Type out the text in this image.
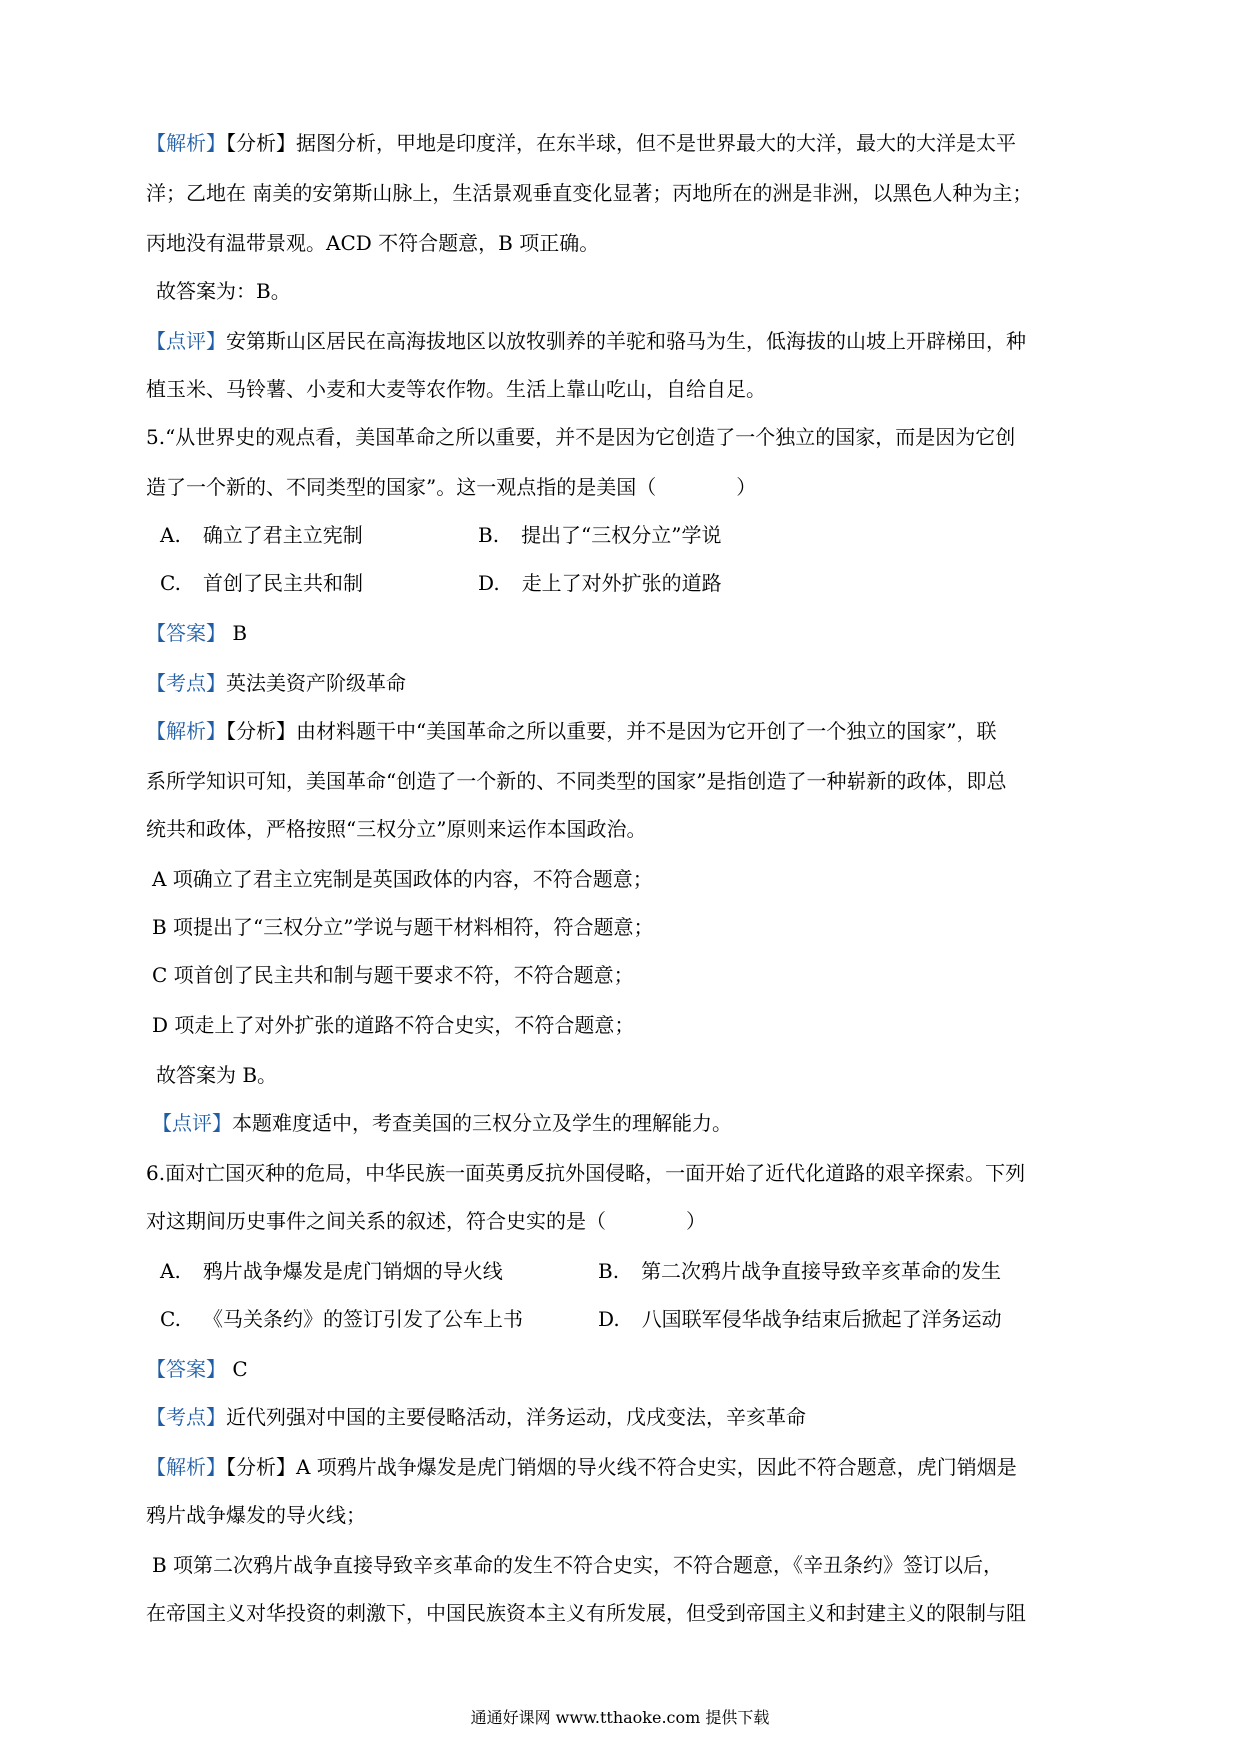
【解析】【分析】据图分析，甲地是印度洋，在东半球，但不是世界最大的大洋，最大的大洋是太平
洋；乙地在 南美的安第斯山脉上，生活景观垂直变化显著；丙地所在的洲是非洲，以黑色人种为主；
丙地没有温带景观。ACD 不符合题意，B 项正确。
故答案为：B。
【点评】安第斯山区居民在高海拔地区以放牧驯养的羊驼和骆马为生，低海拔的山坡上开辟梯田，种
植玉米、马铃薯、小麦和大麦等农作物。生活上靠山吃山，自给自足。
5.“从世界史的观点看，美国革命之所以重要，并不是因为它创造了一个独立的国家，而是因为它创
造了一个新的、不同类型的国家”。这一观点指的是美国（　　　　）
A. 确立了君主立宪制	B. 提出了“三权分立”学说
C. 首创了民主共和制	D. 走上了对外扩张的道路
【答案】 B
【考点】英法美资产阶级革命
【解析】【分析】由材料题干中“美国革命之所以重要，并不是因为它开创了一个独立的国家”，联
系所学知识可知，美国革命“创造了一个新的、不同类型的国家”是指创造了一种崭新的政体，即总
统共和政体，严格按照“三权分立”原则来运作本国政治。
A 项确立了君主立宪制是英国政体的内容，不符合题意；
B 项提出了“三权分立”学说与题干材料相符，符合题意；
C 项首创了民主共和制与题干要求不符，不符合题意；
D 项走上了对外扩张的道路不符合史实，不符合题意；
故答案为 B。
【点评】本题难度适中，考查美国的三权分立及学生的理解能力。
6.面对亡国灭种的危局，中华民族一面英勇反抗外国侵略，一面开始了近代化道路的艰辛探索。下列
对这期间历史事件之间关系的叙述，符合史实的是（　　　　）
A. 鸦片战争爆发是虎门销烟的导火线	B. 第二次鸦片战争直接导致辛亥革命的发生
C. 《马关条约》的签订引发了公车上书	D. 八国联军侵华战争结束后掀起了洋务运动
【答案】 C
【考点】近代列强对中国的主要侵略活动，洋务运动，戊戌变法，辛亥革命
【解析】【分析】A 项鸦片战争爆发是虎门销烟的导火线不符合史实，因此不符合题意，虎门销烟是
鸦片战争爆发的导火线；
B 项第二次鸦片战争直接导致辛亥革命的发生不符合史实，不符合题意，《辛丑条约》签订以后，
在帝国主义对华投资的刺激下，中国民族资本主义有所发展，但受到帝国主义和封建主义的限制与阻
通通好课网 www.tthaoke.com 提供下载
